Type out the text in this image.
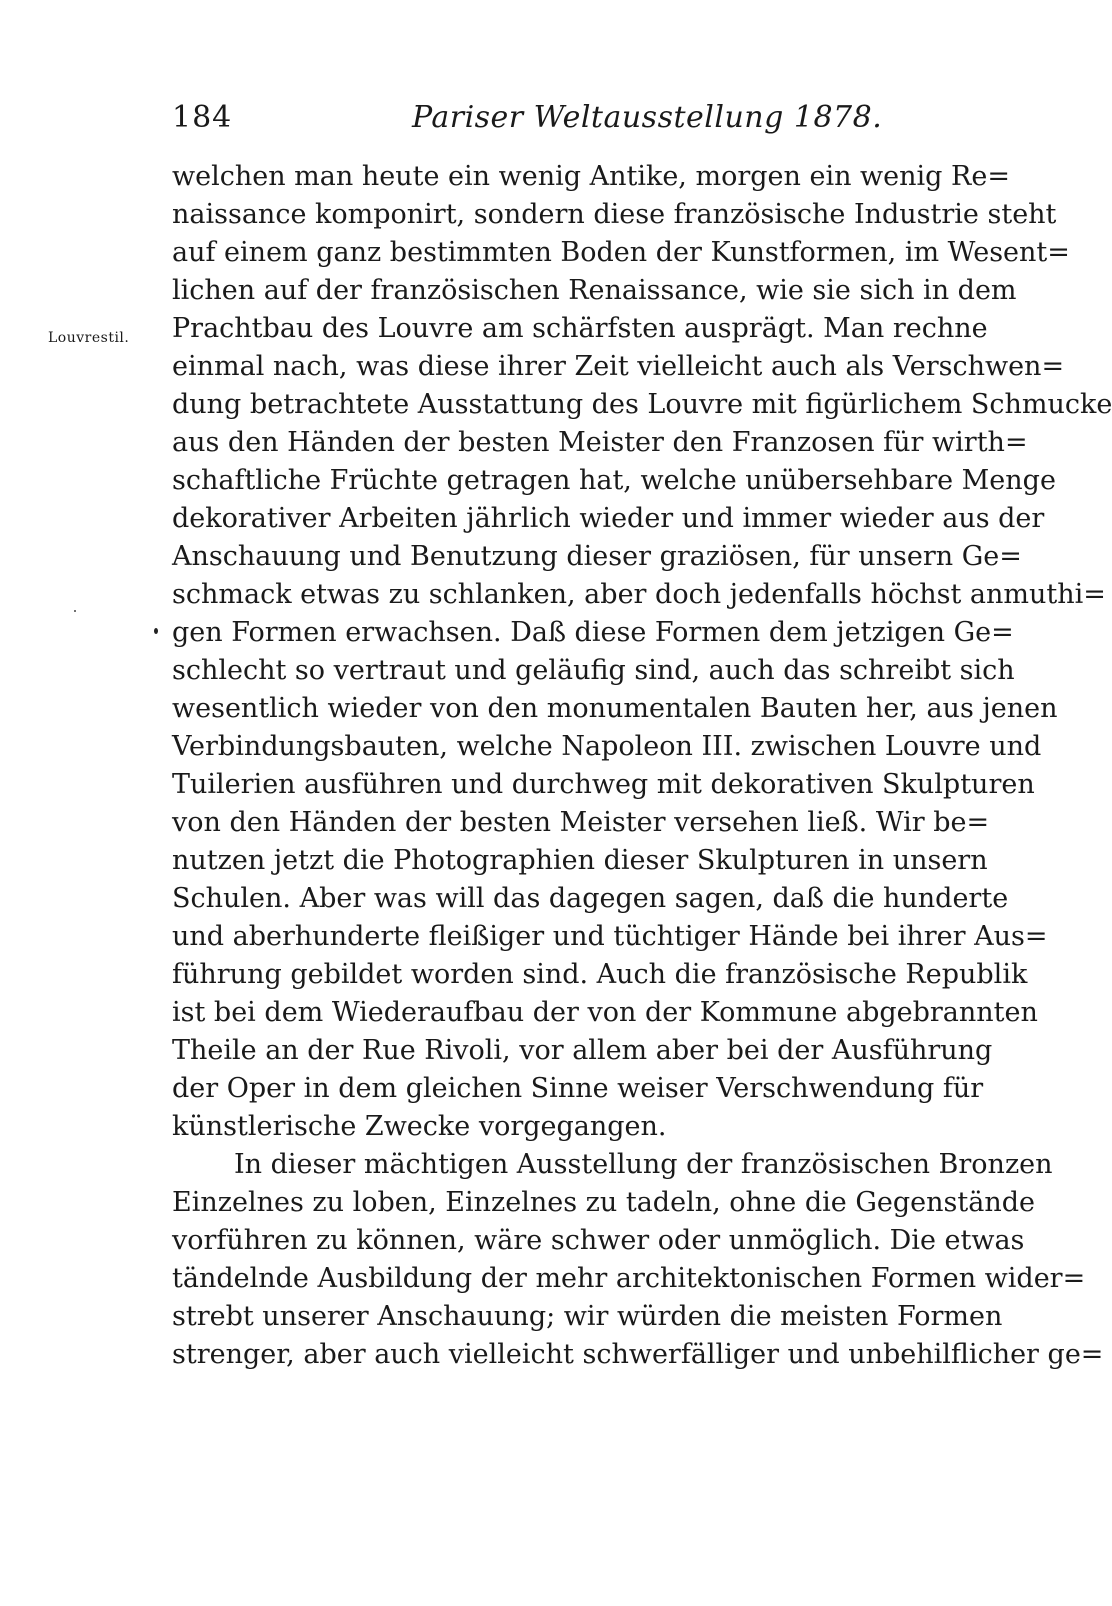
184	Pariser Weltausstellung 1878.
Louvrestil.
welchen man heute ein wenig Antike, morgen ein wenig Re=
naissance komponirt, sondern diese französische Industrie steht
auf einem ganz bestimmten Boden der Kunstformen, im Wesent=
lichen auf der französischen Renaissance, wie sie sich in dem
Prachtbau des Louvre am schärfsten ausprägt. Man rechne
einmal nach, was diese ihrer Zeit vielleicht auch als Verschwen=
dung betrachtete Ausstattung des Louvre mit figürlichem Schmucke
aus den Händen der besten Meister den Franzosen für wirth=
schaftliche Früchte getragen hat, welche unübersehbare Menge
dekorativer Arbeiten jährlich wieder und immer wieder aus der
Anschauung und Benutzung dieser graziösen, für unsern Ge=
schmack etwas zu schlanken, aber doch jedenfalls höchst anmuthi=
gen Formen erwachsen. Daß diese Formen dem jetzigen Ge=
schlecht so vertraut und geläufig sind, auch das schreibt sich
wesentlich wieder von den monumentalen Bauten her, aus jenen
Verbindungsbauten, welche Napoleon III. zwischen Louvre und
Tuilerien ausführen und durchweg mit dekorativen Skulpturen
von den Händen der besten Meister versehen ließ. Wir be=
nutzen jetzt die Photographien dieser Skulpturen in unsern
Schulen. Aber was will das dagegen sagen, daß die hunderte
und aberhunderte fleißiger und tüchtiger Hände bei ihrer Aus=
führung gebildet worden sind. Auch die französische Republik
ist bei dem Wiederaufbau der von der Kommune abgebrannten
Theile an der Rue Rivoli, vor allem aber bei der Ausführung
der Oper in dem gleichen Sinne weiser Verschwendung für
künstlerische Zwecke vorgegangen.
In dieser mächtigen Ausstellung der französischen Bronzen
Einzelnes zu loben, Einzelnes zu tadeln, ohne die Gegenstände
vorführen zu können, wäre schwer oder unmöglich. Die etwas
tändelnde Ausbildung der mehr architektonischen Formen wider=
strebt unserer Anschauung; wir würden die meisten Formen
strenger, aber auch vielleicht schwerfälliger und unbehilflicher ge=
